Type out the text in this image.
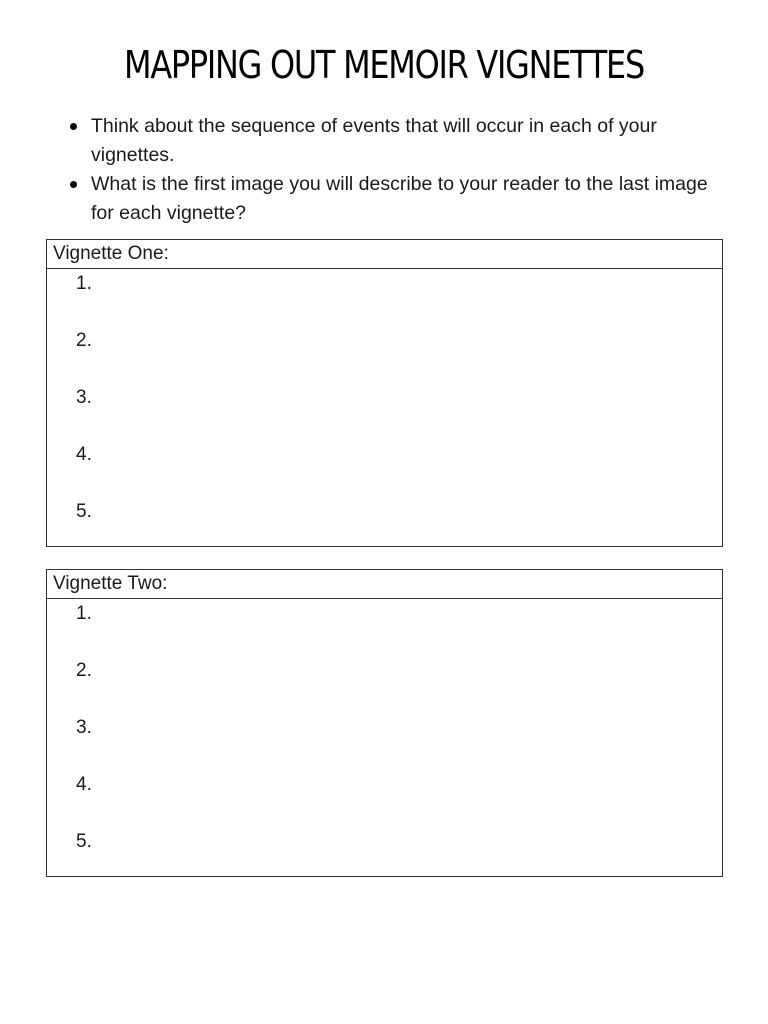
MAPPING OUT MEMOIR VIGNETTES
Think about the sequence of events that will occur in each of your vignettes.
What is the first image you will describe to your reader to the last image for each vignette?
Vignette One:
1.
2.
3.
4.
5.
Vignette Two:
1.
2.
3.
4.
5.
